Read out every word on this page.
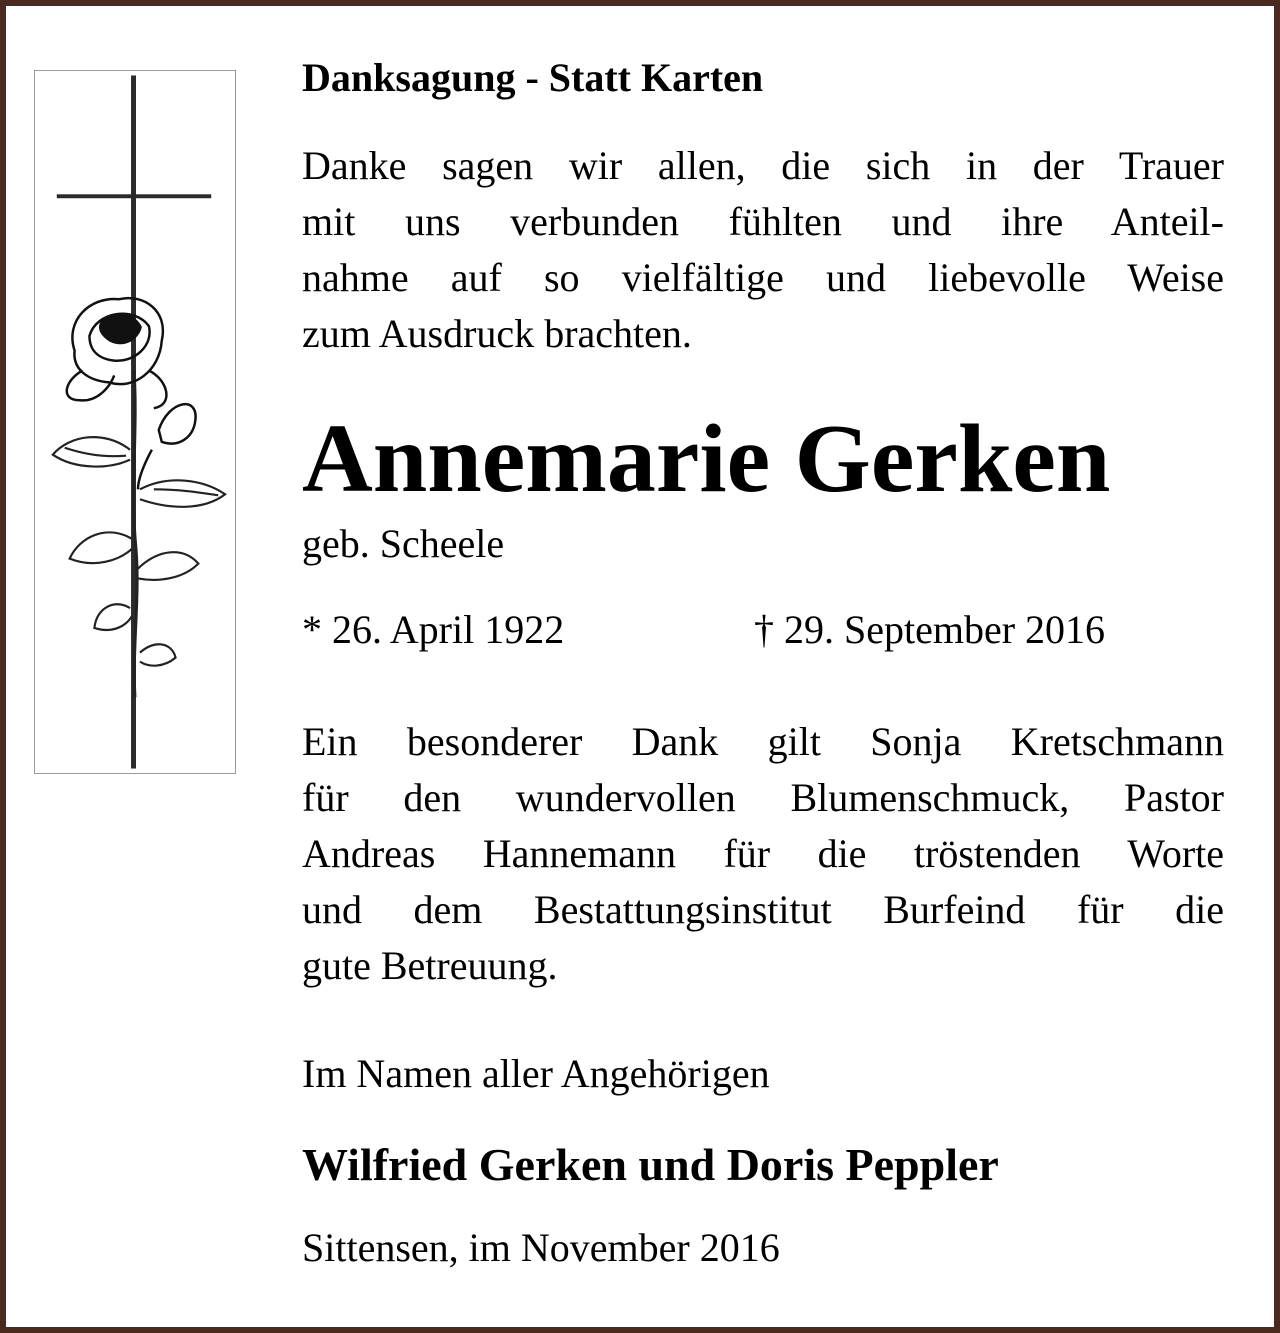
Danksagung - Statt Karten

Danke sagen wir allen, die sich in der Trauer
mit uns verbunden fühlten und ihre Anteil-
nahme auf so vielfältige und liebevolle Weise
zum Ausdruck brachten.

Annemarie Gerken

geb. Scheele

* 26. April 1922	† 29. September 2016
Ein besonderer Dank gilt Sonja Kretschmann
für den wundervollen Blumenschmuck, Pastor
Andreas Hannemann für die tröstenden Worte
und dem Bestattungsinstitut Burfeind für die
gute Betreuung.

Im Namen aller Angehörigen

Wilfried Gerken und Doris Peppler

Sittensen, im November 2016
